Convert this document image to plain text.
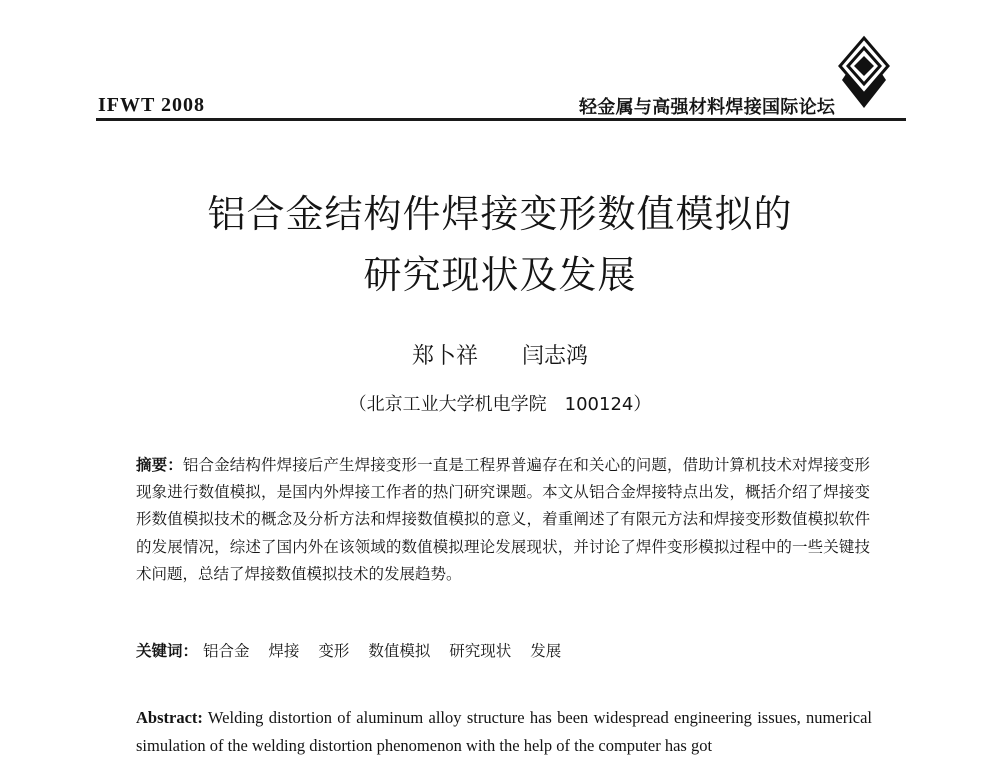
IFWT 2008	轻金属与高强材料焊接国际论坛
铝合金结构件焊接变形数值模拟的
研究现状及发展
郑卜祥 闫志鸿
（北京工业大学机电学院　100124）
摘要：铝合金结构件焊接后产生焊接变形一直是工程界普遍存在和关心的问题，借助计算机技术对焊接变形现象进行数值模拟，是国内外焊接工作者的热门研究课题。本文从铝合金焊接特点出发，概括介绍了焊接变形数值模拟技术的概念及分析方法和焊接数值模拟的意义，着重阐述了有限元方法和焊接变形数值模拟软件的发展情况，综述了国内外在该领域的数值模拟理论发展现状，并讨论了焊件变形模拟过程中的一些关键技术问题，总结了焊接数值模拟技术的发展趋势。
关键词： 铝合金 焊接 变形 数值模拟 研究现状 发展
Abstract: Welding distortion of aluminum alloy structure has been widespread engineering issues, numerical simulation of the welding distortion phenomenon with the help of the computer has got
